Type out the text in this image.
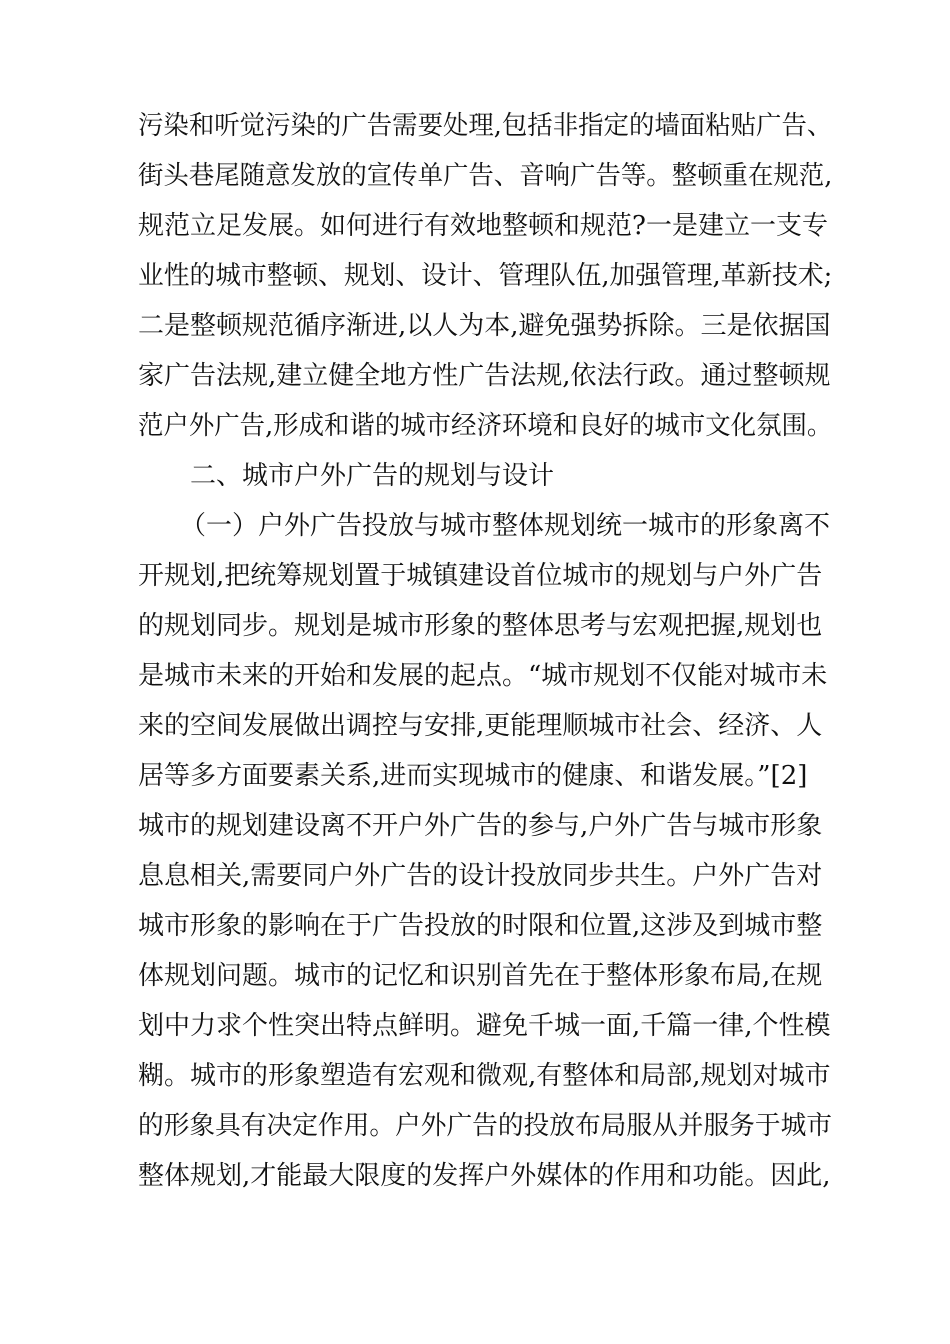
污染和听觉污染的广告需要处理,包括非指定的墙面粘贴广告、
街头巷尾随意发放的宣传单广告、音响广告等。整顿重在规范,
规范立足发展。如何进行有效地整顿和规范?一是建立一支专
业性的城市整顿、规划、设计、管理队伍,加强管理,革新技术;
二是整顿规范循序渐进,以人为本,避免强势拆除。三是依据国
家广告法规,建立健全地方性广告法规,依法行政。通过整顿规
范户外广告,形成和谐的城市经济环境和良好的城市文化氛围。
二、城市户外广告的规划与设计
（一）户外广告投放与城市整体规划统一城市的形象离不
开规划,把统筹规划置于城镇建设首位城市的规划与户外广告
的规划同步。规划是城市形象的整体思考与宏观把握,规划也
是城市未来的开始和发展的起点。“城市规划不仅能对城市未
来的空间发展做出调控与安排,更能理顺城市社会、经济、人
居等多方面要素关系,进而实现城市的健康、和谐发展。”[2]
城市的规划建设离不开户外广告的参与,户外广告与城市形象
息息相关,需要同户外广告的设计投放同步共生。户外广告对
城市形象的影响在于广告投放的时限和位置,这涉及到城市整
体规划问题。城市的记忆和识别首先在于整体形象布局,在规
划中力求个性突出特点鲜明。避免千城一面,千篇一律,个性模
糊。城市的形象塑造有宏观和微观,有整体和局部,规划对城市
的形象具有决定作用。户外广告的投放布局服从并服务于城市
整体规划,才能最大限度的发挥户外媒体的作用和功能。因此,
